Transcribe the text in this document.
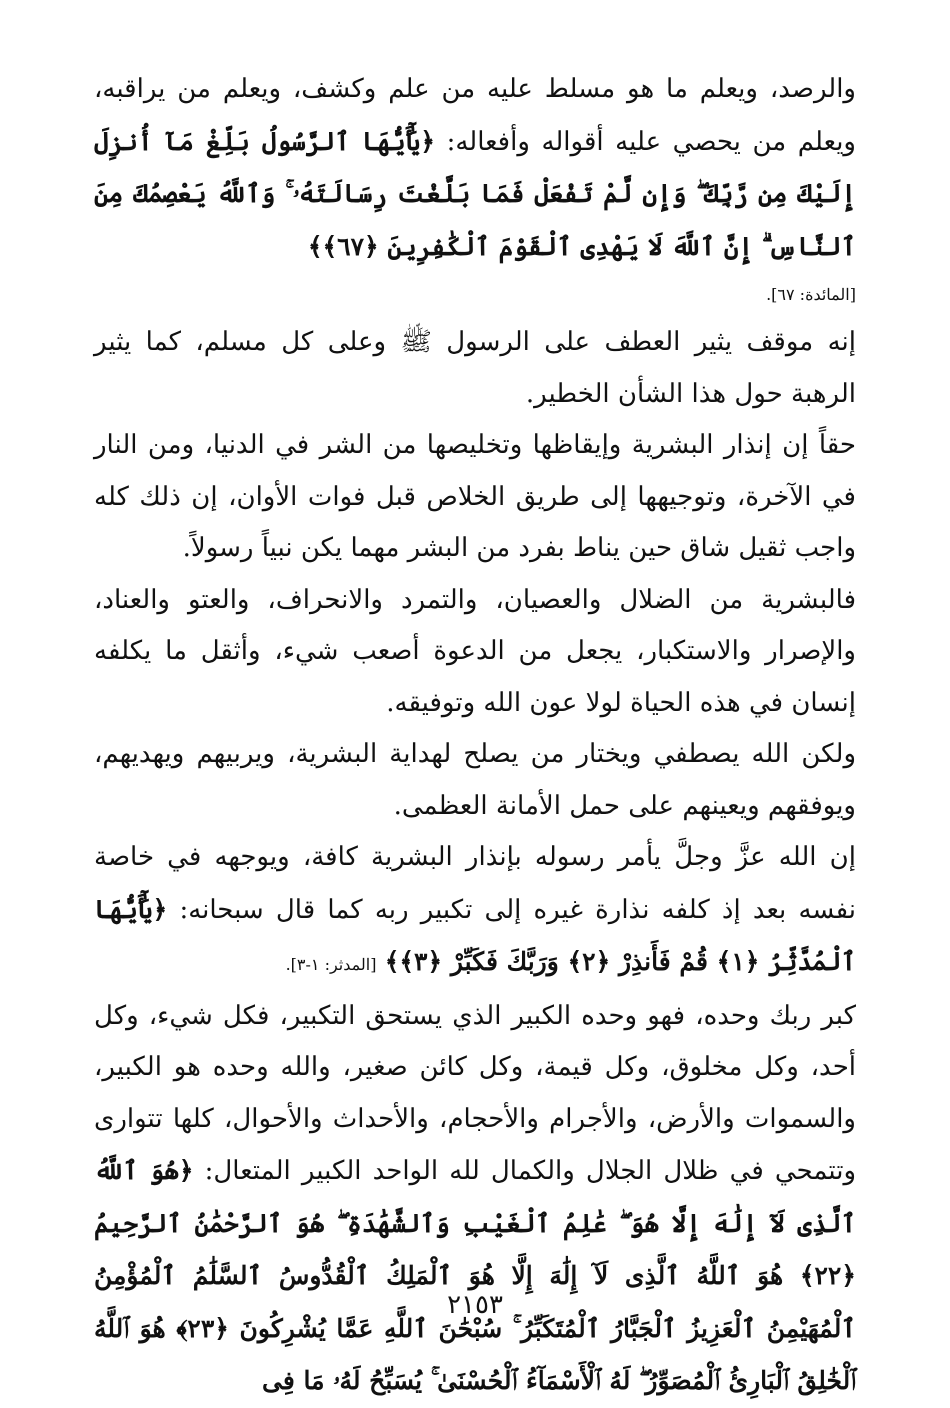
والرصد، ويعلم ما هو مسلط عليه من علم وكشف، ويعلم من يراقبه، ويعلم من يحصي عليه أقواله وأفعاله: ﴿يَٰٓأَيُّهَا ٱلرَّسُولُ بَلِّغْ مَآ أُنزِلَ إِلَيْكَ مِن رَّبِّكَ ۖ وَإِن لَّمْ تَفْعَلْ فَمَا بَلَّغْتَ رِسَالَتَهُۥ ۚ وَٱللَّهُ يَعْصِمُكَ مِنَ ٱلنَّاسِ ۗ إِنَّ ٱللَّهَ لَا يَهْدِى ٱلْقَوْمَ ٱلْكَٰفِرِينَ ﴿٦٧﴾﴾
[المائدة: ٦٧].

إنه موقف يثير العطف على الرسول ﷺ وعلى كل مسلم، كما يثير الرهبة حول هذا الشأن الخطير.

حقاً إن إنذار البشرية وإيقاظها وتخليصها من الشر في الدنيا، ومن النار في الآخرة، وتوجيهها إلى طريق الخلاص قبل فوات الأوان، إن ذلك كله واجب ثقيل شاق حين يناط بفرد من البشر مهما يكن نبياً رسولاً.

فالبشرية من الضلال والعصيان، والتمرد والانحراف، والعتو والعناد، والإصرار والاستكبار، يجعل من الدعوة أصعب شيء، وأثقل ما يكلفه إنسان في هذه الحياة لولا عون الله وتوفيقه.

ولكن الله يصطفي ويختار من يصلح لهداية البشرية، ويربيهم ويهديهم، ويوفقهم ويعينهم على حمل الأمانة العظمى.

إن الله عزَّ وجلَّ يأمر رسوله بإنذار البشرية كافة، ويوجهه في خاصة نفسه بعد إذ كلفه نذارة غيره إلى تكبير ربه كما قال سبحانه: ﴿يَٰٓأَيُّهَا ٱلْمُدَّثِّرُ ﴿١﴾ قُمْ فَأَنذِرْ ﴿٢﴾ وَرَبَّكَ فَكَبِّرْ ﴿٣﴾﴾ [المدثر: ١-٣].

كبر ربك وحده، فهو وحده الكبير الذي يستحق التكبير، فكل شيء، وكل أحد، وكل مخلوق، وكل قيمة، وكل كائن صغير، والله وحده هو الكبير، والسموات والأرض، والأجرام والأحجام، والأحداث والأحوال، كلها تتوارى وتتمحي في ظلال الجلال والكمال لله الواحد الكبير المتعال: ﴿هُوَ ٱللَّهُ ٱلَّذِى لَآ إِلَٰهَ إِلَّا هُوَ ۖ عَٰلِمُ ٱلْغَيْبِ وَٱلشَّهَٰدَةِ ۖ هُوَ ٱلرَّحْمَٰنُ ٱلرَّحِيمُ ﴿٢٢﴾ هُوَ ٱللَّهُ ٱلَّذِى لَآ إِلَٰهَ إِلَّا هُوَ ٱلْمَلِكُ ٱلْقُدُّوسُ ٱلسَّلَٰمُ ٱلْمُؤْمِنُ ٱلْمُهَيْمِنُ ٱلْعَزِيزُ ٱلْجَبَّارُ ٱلْمُتَكَبِّرُ ۚ سُبْحَٰنَ ٱللَّهِ عَمَّا يُشْرِكُونَ ﴿٢٣﴾ هُوَ ٱللَّهُ ٱلْخَٰلِقُ ٱلْبَارِئُ ٱلْمُصَوِّرُ ۖ لَهُ ٱلْأَسْمَآءُ ٱلْحُسْنَىٰ ۚ يُسَبِّحُ لَهُۥ مَا فِى

٢١٥٣
